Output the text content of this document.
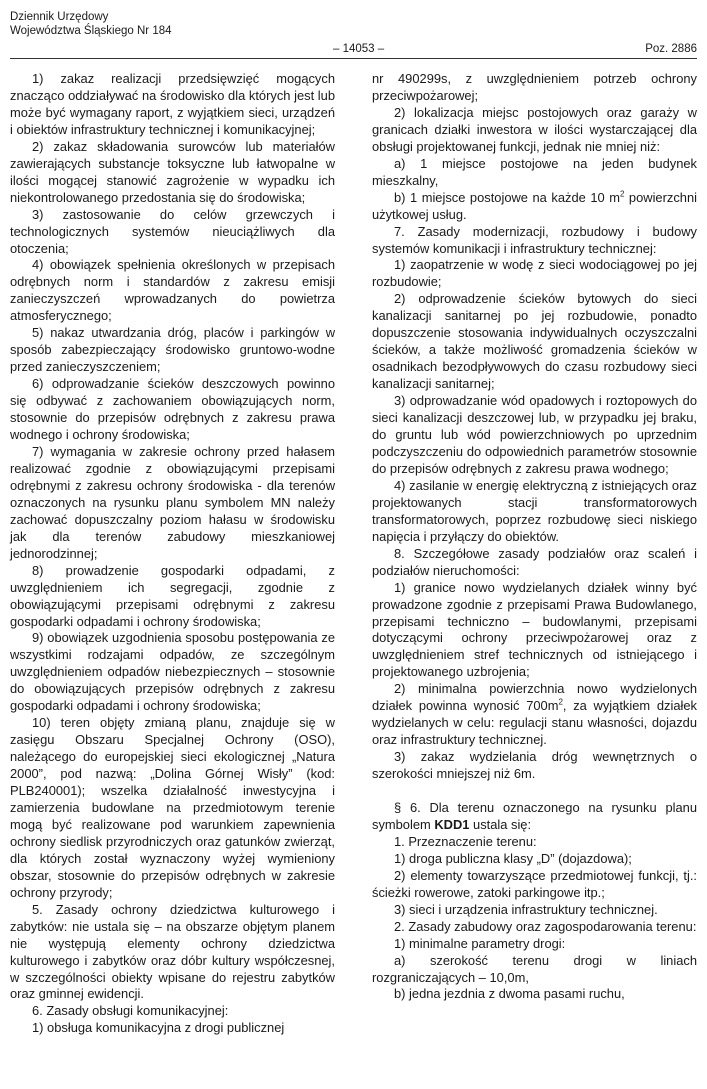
Dziennik Urzędowy
Województwa Śląskiego Nr 184
– 14053 –	Poz. 2886

1) zakaz realizacji przedsięwzięć mogących znacząco oddziaływać na środowisko dla których jest lub może być wymagany raport, z wyjątkiem sieci, urządzeń i obiektów infrastruktury technicznej i komunikacyjnej;

2) zakaz składowania surowców lub materiałów zawierających substancje toksyczne lub łatwopalne w ilości mogącej stanowić zagrożenie w wypadku ich niekontrolowanego przedostania się do środowiska;

3) zastosowanie do celów grzewczych i technologicznych systemów nieuciążliwych dla otoczenia;

4) obowiązek spełnienia określonych w przepisach odrębnych norm i standardów z zakresu emisji zanieczyszczeń wprowadzanych do powietrza atmosferycznego;

5) nakaz utwardzania dróg, placów i parkingów w sposób zabezpieczający środowisko gruntowo-wodne przed zanieczyszczeniem;

6) odprowadzanie ścieków deszczowych powinno się odbywać z zachowaniem obowiązujących norm, stosownie do przepisów odrębnych z zakresu prawa wodnego i ochrony środowiska;

7) wymagania w zakresie ochrony przed hałasem realizować zgodnie z obowiązującymi przepisami odrębnymi z zakresu ochrony środowiska - dla terenów oznaczonych na rysunku planu symbolem MN należy zachować dopuszczalny poziom hałasu w środowisku jak dla terenów zabudowy mieszkaniowej jednorodzinnej;

8) prowadzenie gospodarki odpadami, z uwzględnieniem ich segregacji, zgodnie z obowiązującymi przepisami odrębnymi z zakresu gospodarki odpadami i ochrony środowiska;

9) obowiązek uzgodnienia sposobu postępowania ze wszystkimi rodzajami odpadów, ze szczególnym uwzględnieniem odpadów niebezpiecznych – stosownie do obowiązujących przepisów odrębnych z zakresu gospodarki odpadami i ochrony środowiska;

10) teren objęty zmianą planu, znajduje się w zasięgu Obszaru Specjalnej Ochrony (OSO), należącego do europejskiej sieci ekologicznej „Natura 2000”, pod nazwą: „Dolina Górnej Wisły” (kod: PLB240001); wszelka działalność inwestycyjna i zamierzenia budowlane na przedmiotowym terenie mogą być realizowane pod warunkiem zapewnienia ochrony siedlisk przyrodniczych oraz gatunków zwierząt, dla których został wyznaczony wyżej wymieniony obszar, stosownie do przepisów odrębnych w zakresie ochrony przyrody;

5. Zasady ochrony dziedzictwa kulturowego i zabytków: nie ustala się – na obszarze objętym planem nie występują elementy ochrony dziedzictwa kulturowego i zabytków oraz dóbr kultury współczesnej, w szczególności obiekty wpisane do rejestru zabytków oraz gminnej ewidencji.

6. Zasady obsługi komunikacyjnej:

1) obsługa komunikacyjna z drogi publicznej

nr 490299s, z uwzględnieniem potrzeb ochrony przeciwpożarowej;

2) lokalizacja miejsc postojowych oraz garaży w granicach działki inwestora w ilości wystarczającej dla obsługi projektowanej funkcji, jednak nie mniej niż:

a) 1 miejsce postojowe na jeden budynek mieszkalny,

b) 1 miejsce postojowe na każde 10 $m^2$ powierzchni użytkowej usług.

7. Zasady modernizacji, rozbudowy i budowy systemów komunikacji i infrastruktury technicznej:

1) zaopatrzenie w wodę z sieci wodociągowej po jej rozbudowie;

2) odprowadzenie ścieków bytowych do sieci kanalizacji sanitarnej po jej rozbudowie, ponadto dopuszczenie stosowania indywidualnych oczyszczalni ścieków, a także możliwość gromadzenia ścieków w osadnikach bezodpływowych do czasu rozbudowy sieci kanalizacji sanitarnej;

3) odprowadzanie wód opadowych i roztopowych do sieci kanalizacji deszczowej lub, w przypadku jej braku, do gruntu lub wód powierzchniowych po uprzednim podczyszczeniu do odpowiednich parametrów stosownie do przepisów odrębnych z zakresu prawa wodnego;

4) zasilanie w energię elektryczną z istniejących oraz projektowanych stacji transformatorowych transformatorowych, poprzez rozbudowę sieci niskiego napięcia i przyłączy do obiektów.

8. Szczegółowe zasady podziałów oraz scaleń i podziałów nieruchomości:

1) granice nowo wydzielanych działek winny być prowadzone zgodnie z przepisami Prawa Budowlanego, przepisami techniczno – budowlanymi, przepisami dotyczącymi ochrony przeciwpożarowej oraz z uwzględnieniem stref technicznych od istniejącego i projektowanego uzbrojenia;

2) minimalna powierzchnia nowo wydzielonych działek powinna wynosić $700m^2$, za wyjątkiem działek wydzielanych w celu: regulacji stanu własności, dojazdu oraz infrastruktury technicznej.

3) zakaz wydzielania dróg wewnętrznych o szerokości mniejszej niż 6m.

§ 6. Dla terenu oznaczonego na rysunku planu symbolem KDD1 ustala się:

1. Przeznaczenie terenu:

1) droga publiczna klasy „D” (dojazdowa);

2) elementy towarzyszące przedmiotowej funkcji, tj.: ścieżki rowerowe, zatoki parkingowe itp.;

3) sieci i urządzenia infrastruktury technicznej.

2. Zasady zabudowy oraz zagospodarowania terenu:

1) minimalne parametry drogi:

a) szerokość terenu drogi w liniach rozgraniczających – 10,0m,

b) jedna jezdnia z dwoma pasami ruchu,
